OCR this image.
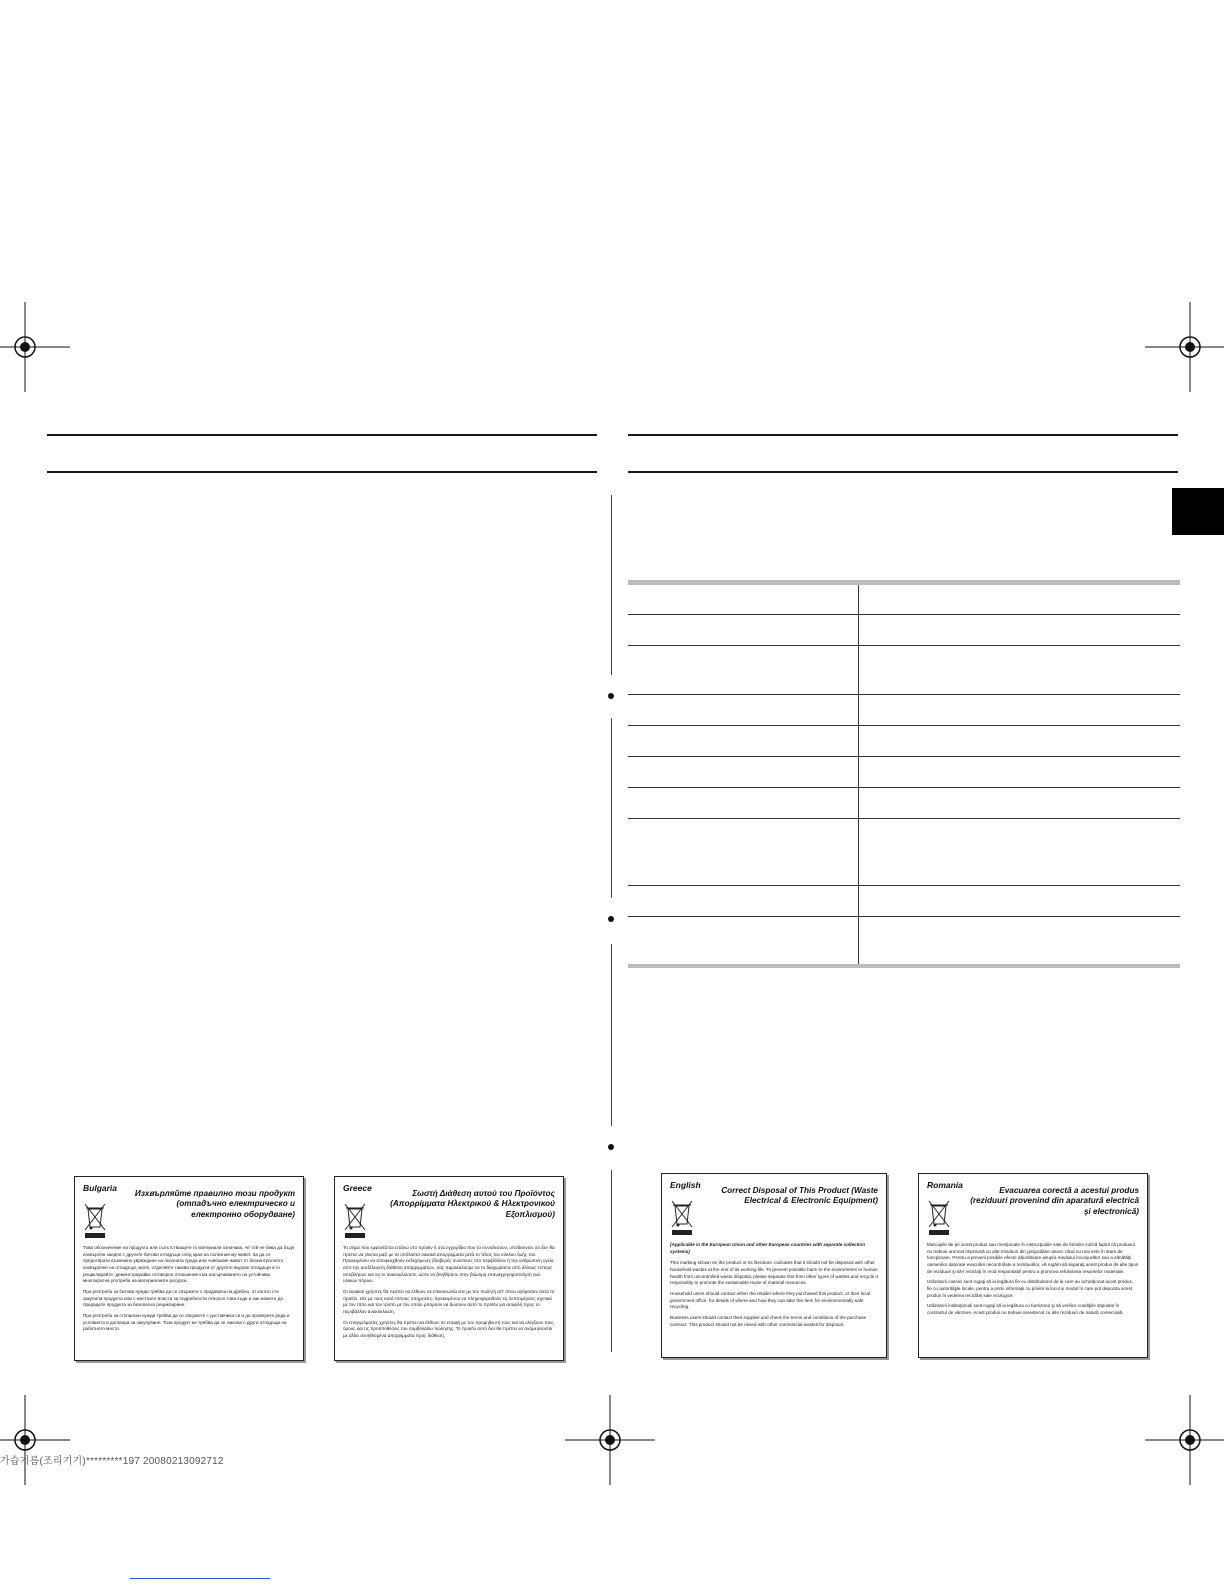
Bulgaria
Изхвърляйте правилно този продукт (отпадъчно електрическо и електронно оборудване)

Това обозначение на продукта или съпътстващите го материали означава, че той не бива да бъде изхвърлян заедно с другите битови отпадъци след края на полезния му живот. За да се предотврати възможно увреждане на околната среда или човешкия живот от безконтролното изхвърляне на отпадъци, моля, отделяйте такива продукти от другите видове отпадъци и го рециклирайте, демонстрирайки отговорно отношение към насърчаването на устойчива многократна употреба на материалните ресурси.

При употреба за битови нужди трябва да се свържете с продавача на дребно, от когото сте закупили продукта или с местните власти за подробности относно това къде и как можете да предадете продукта за безопасно рециклиране.

При употреба за стопански нужди трябва да се свържете с доставчика си и да проверите реда и условията в договора за закупуване. Този продукт не трябва да се смесва с други отпадъци на работното място.

Greece
Σωστή Διάθεση αυτού του Προϊόντος (Απορρίμματα Ηλεκτρικού & Ηλεκτρονικού Εξοπλισμού)

Το σήμα που εμφανίζεται επάνω στο προϊόν ή στα εγχειρίδια που το συνοδεύουν, υποδεικνύει ότι δεν θα πρέπει να γίνεται μαζί με τα υπόλοιπα οικιακά απορρίμματα μετά το τέλος του κύκλου ζωής του. Προκειμένου να αποφευχθούν ενδεχόμενες βλαβερές συνέπειες στο περιβάλλον ή την ανθρώπινη υγεία από την ανεξέλεγκτη διάθεση απορριμμάτων, σας παρακαλούμε να το διαχωρίσετε από άλλους τύπους αποβλήτων και να το ανακυκλώσετε, ώστε να βοηθήσετε στην βιώσιμη επαναχρησιμοποίηση των υλικών πόρων.

Οι οικιακοί χρήστες θα πρέπει να έλθουν σε επικοινωνία είτε με τον πωλητή απ' όπου αγόρασαν αυτό το προϊόν, είτε με τους κατά τόπους υπηρεσίες, προκειμένου να πληροφορηθούν τις λεπτομέρειες σχετικά με τον τόπο και τον τρόπο με τον οποίο μπορούν να δώσουν αυτό το προϊόν για ασφαλή προς το περιβάλλον ανακύκλωση.

Οι επαγγελματίες χρήστες θα πρέπει να έλθουν σε επαφή με τον προμηθευτή τους και να ελέγξουν τους όρους και τις προϋποθέσεις του συμβολαίου πώλησης. Το προϊόν αυτό δεν θα πρέπει να αναμειγνύεται με άλλα συνηθισμένα απορρίμματα προς διάθεση.

English
Correct Disposal of This Product (Waste Electrical & Electronic Equipment)

(Applicable in the European Union and other European countries with separate collection systems)

This marking shown on the product or its literature, indicates that it should not be disposed with other household wastes at the end of its working life. To prevent possible harm to the environment or human health from uncontrolled waste disposal, please separate this from other types of wastes and recycle it responsibly to promote the sustainable reuse of material resources.

Household users should contact either the retailer where they purchased this product, or their local government office, for details of where and how they can take this item for environmentally safe recycling.

Business users should contact their supplier and check the terms and conditions of the purchase contract. This product should not be mixed with other commercial wastes for disposal.

Romania
Evacuarea corectă a acestui produs (reziduuri provenind din aparatură electrică şi electronică)

Marcajele de pe acest produs sau menţionate în instrucţiunile sale de folosire indică faptul că produsul nu trebuie aruncat împreună cu alte reziduuri din gospodărie atunci când nu mai este în stare de funcţionare. Pentru a preveni posibile efecte dăunătoare asupra mediului înconjurător sau a sănătăţii oamenilor datorate evacuării necontrolate a reziduurilor, vă rugăm să separaţi acest produs de alte tipuri de reziduuri şi să-l reciclaţi în mod responsabil pentru a promova refolosirea resurselor materiale.

Utilizatorii casnici sunt rugaţi să ia legătura fie cu distribuitorul de la care au achiziţionat acest produs, fie cu autorităţile locale, pentru a primi informaţii cu privire la locul şi modul în care pot depozita acest produs în vederea reciclării sale ecologice.

Utilizatorii instituţionali sunt rugaţi să ia legătura cu furnizorul şi să verifice condiţiile stipulate în contractul de vânzare. Acest produs nu trebuie amestecat cu alte reziduuri de natură comercială.

가습기름(조리기기)*********197 20080213092712
